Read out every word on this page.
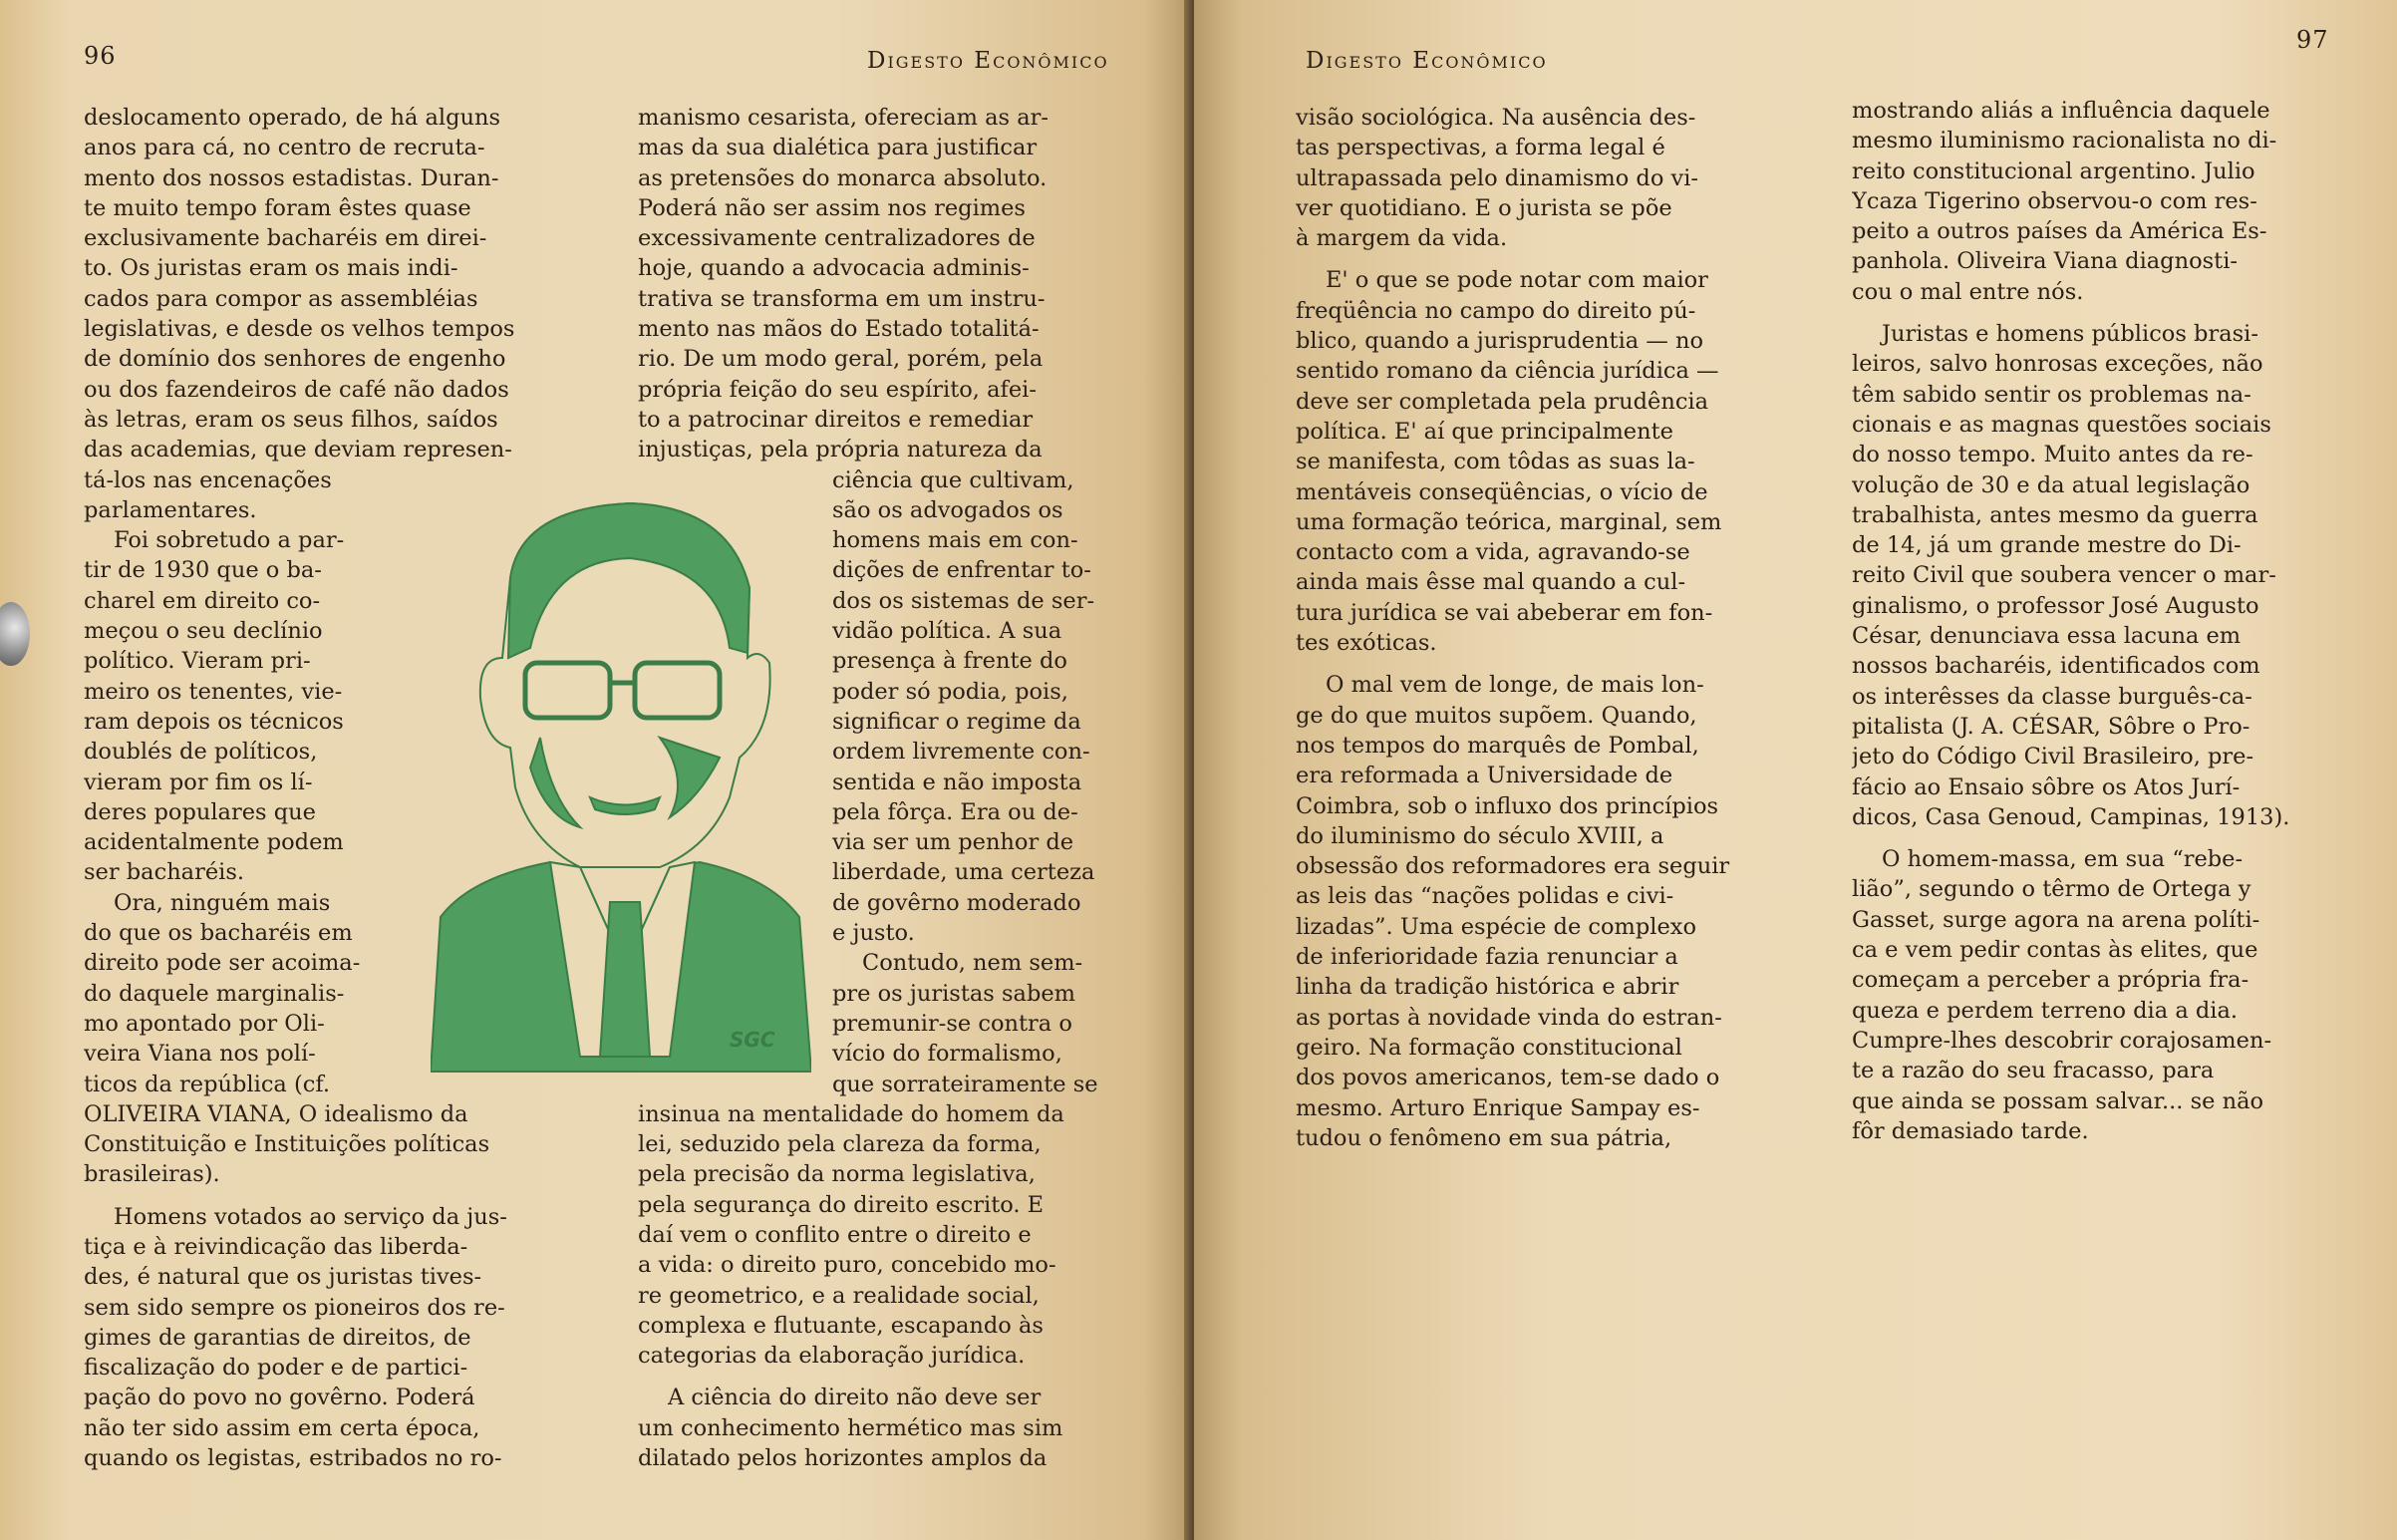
96	Digesto Econômico
deslocamento operado, de há alguns
anos para cá, no centro de recruta-
mento dos nossos estadistas. Duran-
te muito tempo foram êstes quase
exclusivamente bacharéis em direi-
to. Os juristas eram os mais indi-
cados para compor as assembléias
legislativas, e desde os velhos tempos
de domínio dos senhores de engenho
ou dos fazendeiros de café não dados
às letras, eram os seus filhos, saídos
das academias, que deviam represen-
tá-los nas encenações
parlamentares.
Foi sobretudo a par-
tir de 1930 que o ba-
charel em direito co-
meçou o seu declínio
político. Vieram pri-
meiro os tenentes, vie-
ram depois os técnicos
doublés de políticos,
vieram por fim os lí-
deres populares que
acidentalmente podem
ser bacharéis.
Ora, ninguém mais
do que os bacharéis em
direito pode ser acoima-
do daquele marginalis-
mo apontado por Oli-
veira Viana nos polí-
ticos da república (cf.
OLIVEIRA VIANA, O idealismo da
Constituição e Instituições políticas
brasileiras).
Homens votados ao serviço da jus-
tiça e à reivindicação das liberda-
des, é natural que os juristas tives-
sem sido sempre os pioneiros dos re-
gimes de garantias de direitos, de
fiscalização do poder e de partici-
pação do povo no govêrno. Poderá
não ter sido assim em certa época,
quando os legistas, estribados no ro-
manismo cesarista, ofereciam as ar-
mas da sua dialética para justificar
as pretensões do monarca absoluto.
Poderá não ser assim nos regimes
excessivamente centralizadores de
hoje, quando a advocacia adminis-
trativa se transforma em um instru-
mento nas mãos do Estado totalitá-
rio. De um modo geral, porém, pela
própria feição do seu espírito, afei-
to a patrocinar direitos e remediar
injustiças, pela própria natureza da
ciência que cultivam,
são os advogados os
homens mais em con-
dições de enfrentar to-
dos os sistemas de ser-
vidão política. A sua
presença à frente do
poder só podia, pois,
significar o regime da
ordem livremente con-
sentida e não imposta
pela fôrça. Era ou de-
via ser um penhor de
liberdade, uma certeza
de govêrno moderado
e justo.
Contudo, nem sem-
pre os juristas sabem
premunir-se contra o
vício do formalismo,
que sorrateiramente se
insinua na mentalidade do homem da
lei, seduzido pela clareza da forma,
pela precisão da norma legislativa,
pela segurança do direito escrito. E
daí vem o conflito entre o direito e
a vida: o direito puro, concebido mo-
re geometrico, e a realidade social,
complexa e flutuante, escapando às
categorias da elaboração jurídica.
A ciência do direito não deve ser
um conhecimento hermético mas sim
dilatado pelos horizontes amplos da
SGC
Digesto Econômico
97
visão sociológica. Na ausência des-
tas perspectivas, a forma legal é
ultrapassada pelo dinamismo do vi-
ver quotidiano. E o jurista se põe
à margem da vida.
E' o que se pode notar com maior
freqüência no campo do direito pú-
blico, quando a jurisprudentia — no
sentido romano da ciência jurídica —
deve ser completada pela prudência
política. E' aí que principalmente
se manifesta, com tôdas as suas la-
mentáveis conseqüências, o vício de
uma formação teórica, marginal, sem
contacto com a vida, agravando-se
ainda mais êsse mal quando a cul-
tura jurídica se vai abeberar em fon-
tes exóticas.
O mal vem de longe, de mais lon-
ge do que muitos supõem. Quando,
nos tempos do marquês de Pombal,
era reformada a Universidade de
Coimbra, sob o influxo dos princípios
do iluminismo do século XVIII, a
obsessão dos reformadores era seguir
as leis das “nações polidas e civi-
lizadas”. Uma espécie de complexo
de inferioridade fazia renunciar a
linha da tradição histórica e abrir
as portas à novidade vinda do estran-
geiro. Na formação constitucional
dos povos americanos, tem-se dado o
mesmo. Arturo Enrique Sampay es-
tudou o fenômeno em sua pátria,
mostrando aliás a influência daquele
mesmo iluminismo racionalista no di-
reito constitucional argentino. Julio
Ycaza Tigerino observou-o com res-
peito a outros países da América Es-
panhola. Oliveira Viana diagnosti-
cou o mal entre nós.
Juristas e homens públicos brasi-
leiros, salvo honrosas exceções, não
têm sabido sentir os problemas na-
cionais e as magnas questões sociais
do nosso tempo. Muito antes da re-
volução de 30 e da atual legislação
trabalhista, antes mesmo da guerra
de 14, já um grande mestre do Di-
reito Civil que soubera vencer o mar-
ginalismo, o professor José Augusto
César, denunciava essa lacuna em
nossos bacharéis, identificados com
os interêsses da classe burguês-ca-
pitalista (J. A. CÉSAR, Sôbre o Pro-
jeto do Código Civil Brasileiro, pre-
fácio ao Ensaio sôbre os Atos Jurí-
dicos, Casa Genoud, Campinas, 1913).
O homem-massa, em sua “rebe-
lião”, segundo o têrmo de Ortega y
Gasset, surge agora na arena políti-
ca e vem pedir contas às elites, que
começam a perceber a própria fra-
queza e perdem terreno dia a dia.
Cumpre-lhes descobrir corajosamen-
te a razão do seu fracasso, para
que ainda se possam salvar... se não
fôr demasiado tarde.
